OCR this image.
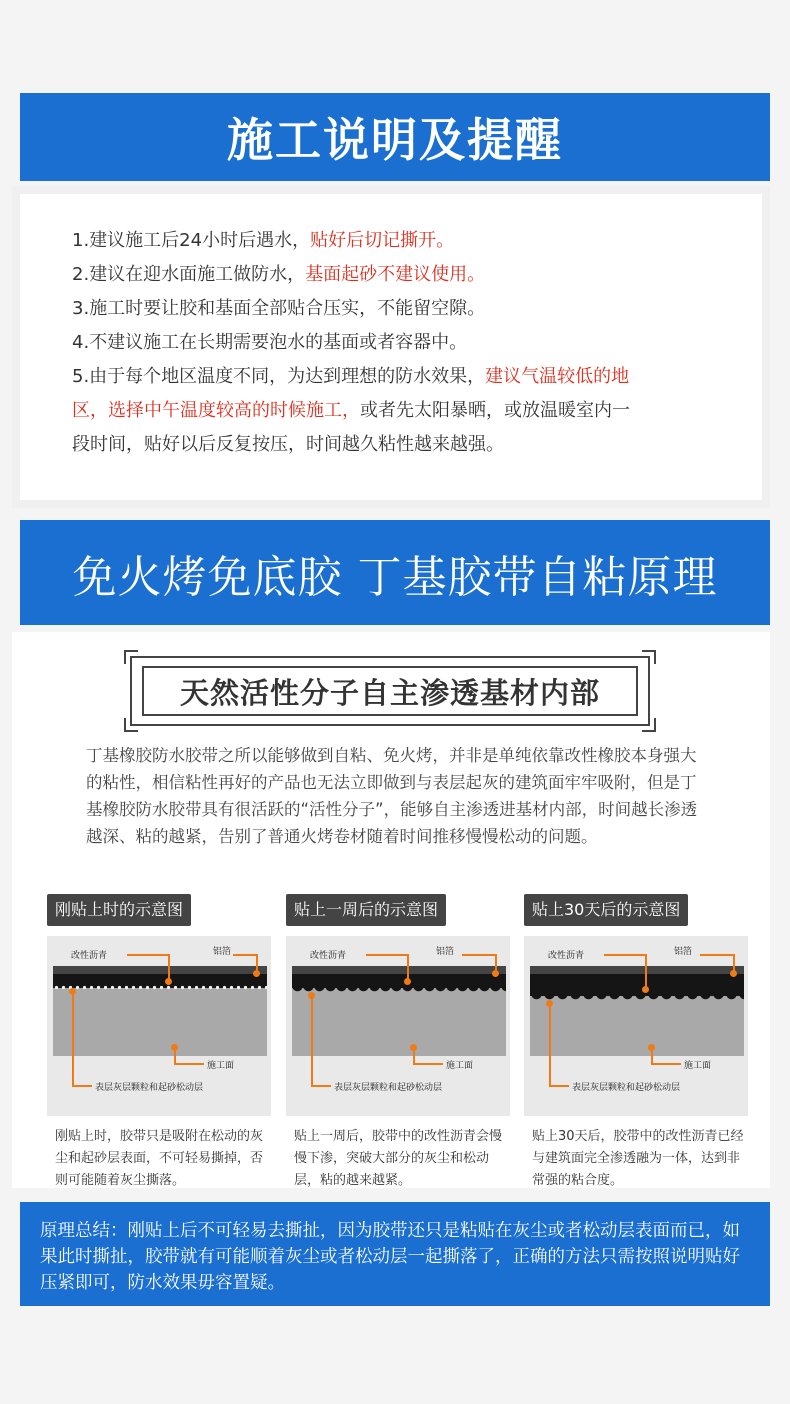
施工说明及提醒
1.建议施工后24小时后遇水，贴好后切记撕开。
2.建议在迎水面施工做防水，基面起砂不建议使用。
3.施工时要让胶和基面全部贴合压实，不能留空隙。
4.不建议施工在长期需要泡水的基面或者容器中。
5.由于每个地区温度不同，为达到理想的防水效果，建议气温较低的地
区，选择中午温度较高的时候施工，或者先太阳暴晒，或放温暖室内一
段时间，贴好以后反复按压，时间越久粘性越来越强。
免火烤免底胶 丁基胶带自粘原理
天然活性分子自主渗透基材内部
丁基橡胶防水胶带之所以能够做到自粘、免火烤，并非是单纯依靠改性橡胶本身强大的粘性，相信粘性再好的产品也无法立即做到与表层起灰的建筑面牢牢吸附，但是丁基橡胶防水胶带具有很活跃的“活性分子”，能够自主渗透进基材内部，时间越长渗透越深、粘的越紧，告别了普通火烤卷材随着时间推移慢慢松动的问题。
刚贴上时的示意图
改性沥青	铝箔
施工面
表层灰层颗粒和起砂松动层
刚贴上时，胶带只是吸附在松动的灰尘和起砂层表面，不可轻易撕掉，否则可能随着灰尘撕落。
贴上一周后的示意图
改性沥青	铝箔
施工面
表层灰层颗粒和起砂松动层
贴上一周后，胶带中的改性沥青会慢慢下渗，突破大部分的灰尘和松动层，粘的越来越紧。
贴上30天后的示意图
改性沥青	铝箔
施工面
表层灰层颗粒和起砂松动层
贴上30天后，胶带中的改性沥青已经与建筑面完全渗透融为一体，达到非常强的粘合度。
原理总结：刚贴上后不可轻易去撕扯，因为胶带还只是粘贴在灰尘或者松动层表面而已，如果此时撕扯，胶带就有可能顺着灰尘或者松动层一起撕落了，正确的方法只需按照说明贴好压紧即可，防水效果毋容置疑。
